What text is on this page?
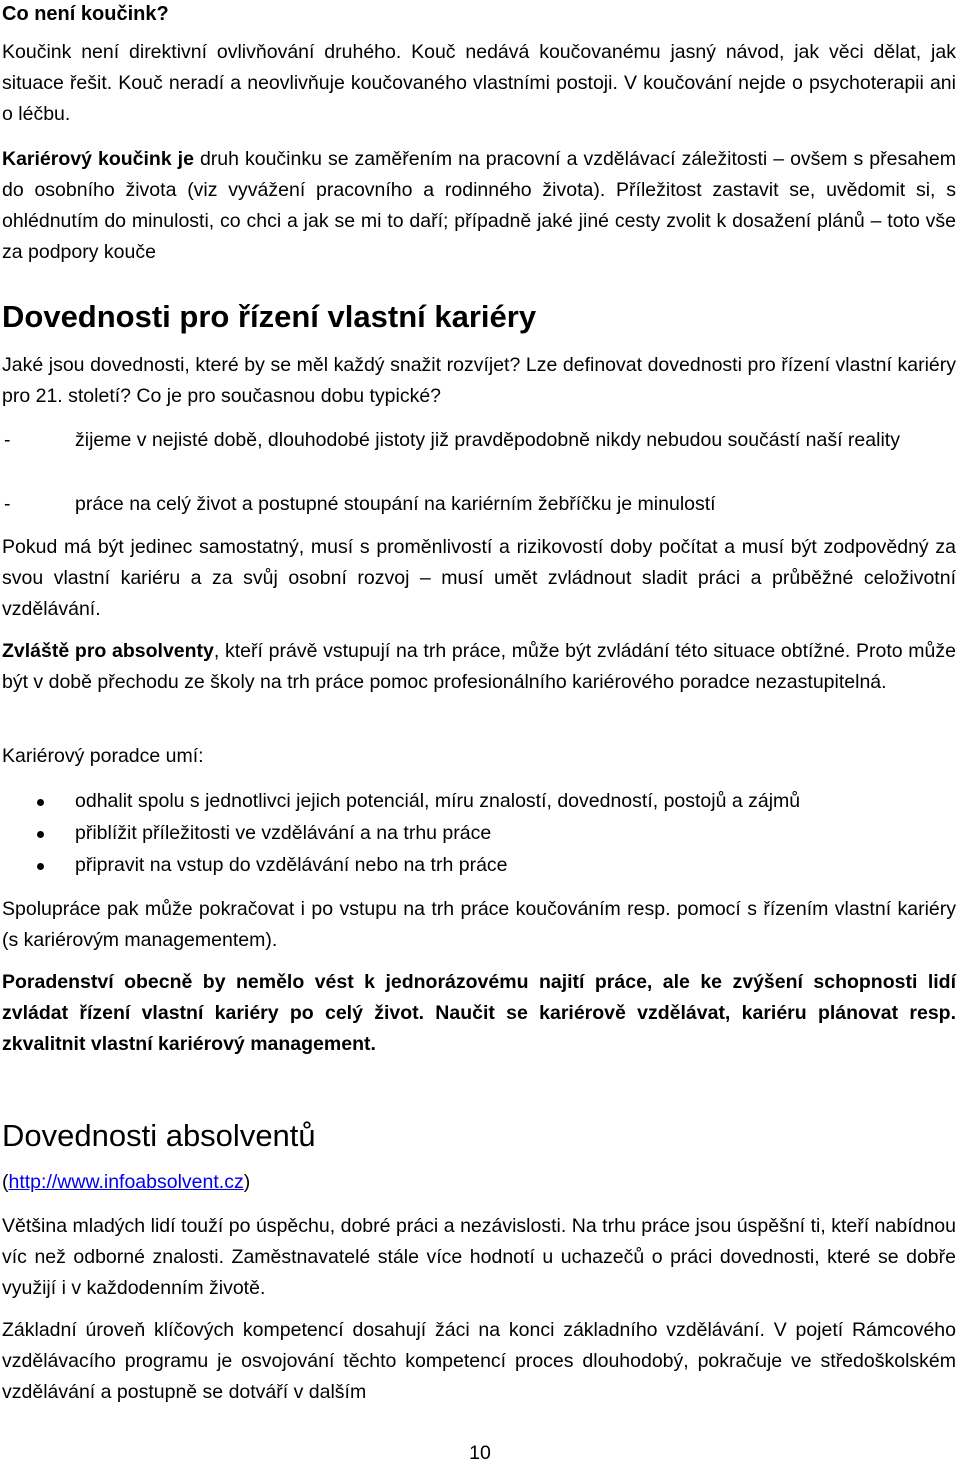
Co není koučink?

Koučink není direktivní ovlivňování druhého. Kouč nedává koučovanému jasný návod, jak věci dělat, jak situace řešit. Kouč neradí a neovlivňuje koučovaného vlastními postoji. V koučování nejde o psychoterapii ani o léčbu.

Kariérový koučink je druh koučinku se zaměřením na pracovní a vzdělávací záležitosti – ovšem s přesahem do osobního života (viz vyvážení pracovního a rodinného života). Příležitost zastavit se, uvědomit si, s ohlédnutím do minulosti, co chci a jak se mi to daří; případně jaké jiné cesty zvolit k dosažení plánů – toto vše za podpory kouče

Dovednosti pro řízení vlastní kariéry

Jaké jsou dovednosti, které by se měl každý snažit rozvíjet? Lze definovat dovednosti pro řízení vlastní kariéry pro 21. století? Co je pro současnou dobu typické?

-	žijeme v nejisté době, dlouhodobé jistoty již pravděpodobně nikdy nebudou součástí naší reality
-	práce na celý život a postupné stoupání na kariérním žebříčku je minulostí

Pokud má být jedinec samostatný, musí s proměnlivostí a rizikovostí doby počítat a musí být zodpovědný za svou vlastní kariéru a za svůj osobní rozvoj – musí umět zvládnout sladit práci a průběžné celoživotní vzdělávání.

Zvláště pro absolventy, kteří právě vstupují na trh práce, může být zvládání této situace obtížné. Proto může být v době přechodu ze školy na trh práce pomoc profesionálního kariérového poradce nezastupitelná.

Kariérový poradce umí:

odhalit spolu s jednotlivci jejich potenciál, míru znalostí, dovedností, postojů a zájmů
přiblížit příležitosti ve vzdělávání a na trhu práce
připravit na vstup do vzdělávání nebo na trh práce

Spolupráce pak může pokračovat i po vstupu na trh práce koučováním resp. pomocí s řízením vlastní kariéry (s kariérovým managementem).

Poradenství obecně by nemělo vést k jednorázovému najití práce, ale ke zvýšení schopnosti lidí zvládat řízení vlastní kariéry po celý život. Naučit se kariérově vzdělávat, kariéru plánovat resp. zkvalitnit vlastní kariérový management.

Dovednosti absolventů

(http://www.infoabsolvent.cz)

Většina mladých lidí touží po úspěchu, dobré práci a nezávislosti. Na trhu práce jsou úspěšní ti, kteří nabídnou víc než odborné znalosti. Zaměstnavatelé stále více hodnotí u uchazečů o práci dovednosti, které se dobře využijí i v každodenním životě.

Základní úroveň klíčových kompetencí dosahují žáci na konci základního vzdělávání. V pojetí Rámcového vzdělávacího programu je osvojování těchto kompetencí proces dlouhodobý, pokračuje ve středoškolském vzdělávání a postupně se dotváří v dalším

10
